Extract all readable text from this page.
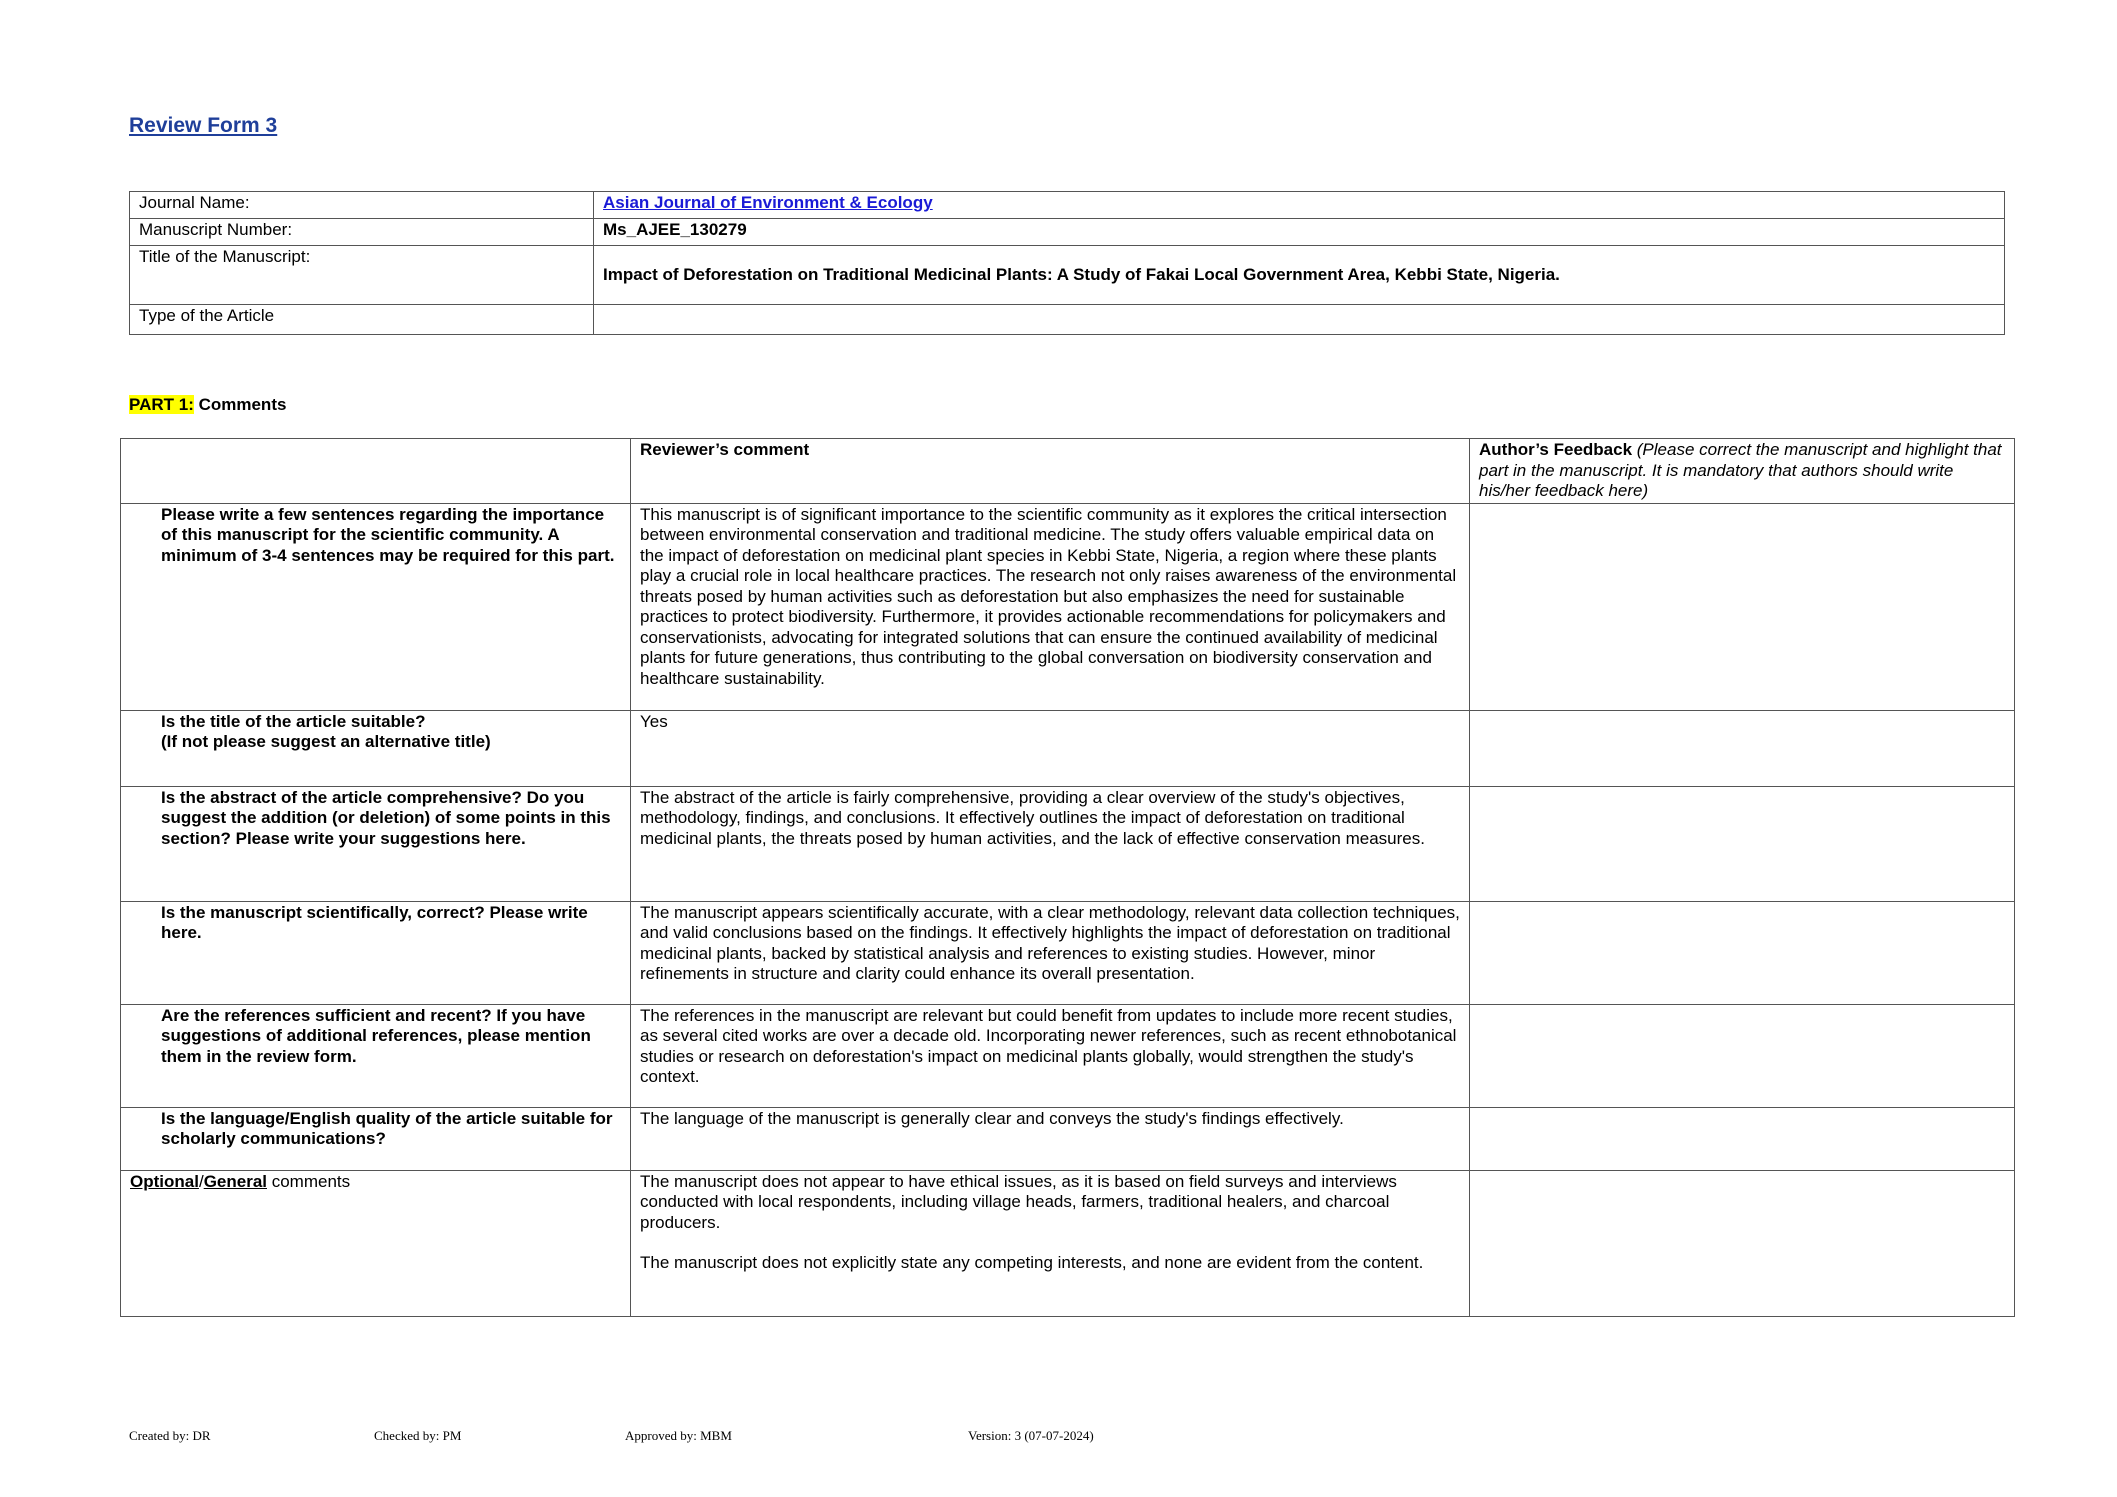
Review Form 3
Journal Name:	Asian Journal of Environment & Ecology
Manuscript Number:	Ms_AJEE_130279
Title of the Manuscript:	Impact of Deforestation on Traditional Medicinal Plants: A Study of Fakai Local Government Area, Kebbi State, Nigeria.
Type of the Article	
PART 1: Comments
	Reviewer’s comment	Author’s Feedback (Please correct the manuscript and highlight that part in the manuscript. It is mandatory that authors should write his/her feedback here)
Please write a few sentences regarding the importance of this manuscript for the scientific community. A minimum of 3-4 sentences may be required for this part.	This manuscript is of significant importance to the scientific community as it explores the critical intersection between environmental conservation and traditional medicine. The study offers valuable empirical data on the impact of deforestation on medicinal plant species in Kebbi State, Nigeria, a region where these plants play a crucial role in local healthcare practices. The research not only raises awareness of the environmental threats posed by human activities such as deforestation but also emphasizes the need for sustainable practices to protect biodiversity. Furthermore, it provides actionable recommendations for policymakers and conservationists, advocating for integrated solutions that can ensure the continued availability of medicinal plants for future generations, thus contributing to the global conversation on biodiversity conservation and healthcare sustainability.	
Is the title of the article suitable?
(If not please suggest an alternative title)	Yes	
Is the abstract of the article comprehensive? Do you suggest the addition (or deletion) of some points in this section? Please write your suggestions here.	The abstract of the article is fairly comprehensive, providing a clear overview of the study's objectives, methodology, findings, and conclusions. It effectively outlines the impact of deforestation on traditional medicinal plants, the threats posed by human activities, and the lack of effective conservation measures.	
Is the manuscript scientifically, correct? Please write here.	The manuscript appears scientifically accurate, with a clear methodology, relevant data collection techniques, and valid conclusions based on the findings. It effectively highlights the impact of deforestation on traditional medicinal plants, backed by statistical analysis and references to existing studies. However, minor refinements in structure and clarity could enhance its overall presentation.	
Are the references sufficient and recent? If you have suggestions of additional references, please mention them in the review form.	The references in the manuscript are relevant but could benefit from updates to include more recent studies, as several cited works are over a decade old. Incorporating newer references, such as recent ethnobotanical studies or research on deforestation's impact on medicinal plants globally, would strengthen the study's context.	
Is the language/English quality of the article suitable for scholarly communications?	The language of the manuscript is generally clear and conveys the study's findings effectively.	
Optional/General comments	The manuscript does not appear to have ethical issues, as it is based on field surveys and interviews conducted with local respondents, including village heads, farmers, traditional healers, and charcoal producers.

The manuscript does not explicitly state any competing interests, and none are evident from the content.	

Created by: DR	Checked by: PM	Approved by: MBM	Version: 3 (07-07-2024)
